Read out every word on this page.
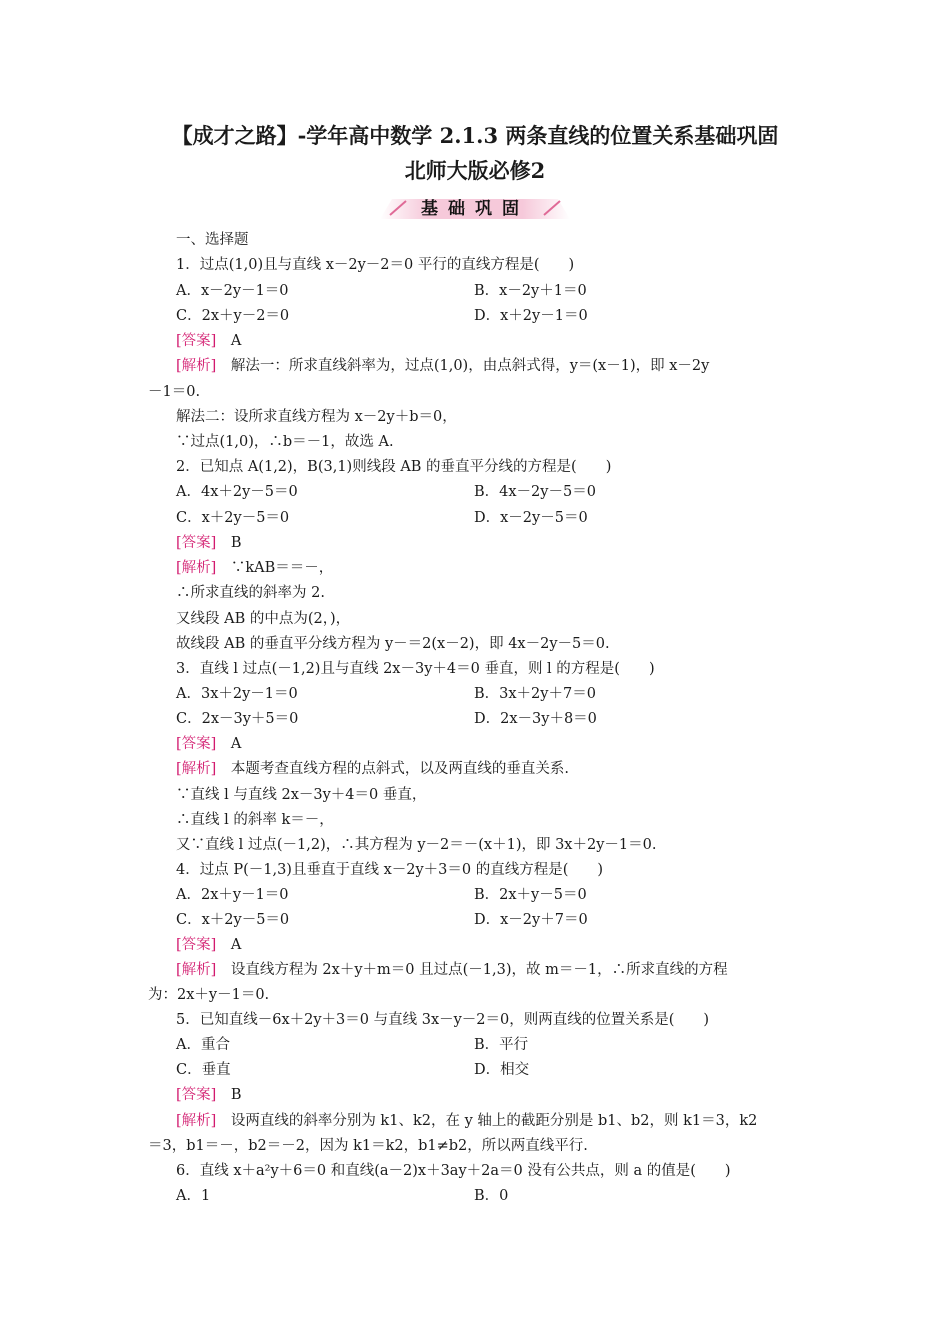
【成才之路】-学年高中数学 2.1.3 两条直线的位置关系基础巩固
北师大版必修2
基础巩固
一、选择题
1．过点(1,0)且与直线 x－2y－2＝0 平行的直线方程是(　　)
A．x－2y－1＝0	B．x－2y＋1＝0
C．2x＋y－2＝0	D．x＋2y－1＝0
[答案]　 A
[解析]　 解法一：所求直线斜率为，过点(1,0)，由点斜式得，y＝(x－1)，即 x－2y
－1＝0.
解法二：设所求直线方程为 x－2y＋b＝0，
∵过点(1,0)，∴b＝－1，故选 A.
2．已知点 A(1,2)，B(3,1)则线段 AB 的垂直平分线的方程是(　　)
A．4x＋2y－5＝0	B．4x－2y－5＝0
C．x＋2y－5＝0	D．x－2y－5＝0
[答案]　 B
[解析]　 ∵kAB＝＝－，
∴所求直线的斜率为 2.
又线段 AB 的中点为(2，)，
故线段 AB 的垂直平分线方程为 y－＝2(x－2)，即 4x－2y－5＝0.
3．直线 l 过点(－1,2)且与直线 2x－3y＋4＝0 垂直，则 l 的方程是(　　)
A．3x＋2y－1＝0	B．3x＋2y＋7＝0
C．2x－3y＋5＝0	D．2x－3y＋8＝0
[答案]　 A
[解析]　 本题考查直线方程的点斜式，以及两直线的垂直关系.
∵直线 l 与直线 2x－3y＋4＝0 垂直，
∴直线 l 的斜率 k＝－，
又∵直线 l 过点(－1,2)，∴其方程为 y－2＝－(x＋1)，即 3x＋2y－1＝0.
4．过点 P(－1,3)且垂直于直线 x－2y＋3＝0 的直线方程是(　　)
A．2x＋y－1＝0	B．2x＋y－5＝0
C．x＋2y－5＝0	D．x－2y＋7＝0
[答案]　 A
[解析]　 设直线方程为 2x＋y＋m＝0 且过点(－1,3)，故 m＝－1，∴所求直线的方程
为：2x＋y－1＝0.
5．已知直线－6x＋2y＋3＝0 与直线 3x－y－2＝0，则两直线的位置关系是(　　)
A．重合	B．平行
C．垂直	D．相交
[答案]　 B
[解析]　 设两直线的斜率分别为 k1、k2，在 y 轴上的截距分别是 b1、b2，则 k1＝3，k2
＝3，b1＝－，b2＝－2，因为 k1＝k2，b1≠b2，所以两直线平行.
6．直线 x＋a²y＋6＝0 和直线(a－2)x＋3ay＋2a＝0 没有公共点，则 a 的值是(　　)
A．1	B．0
